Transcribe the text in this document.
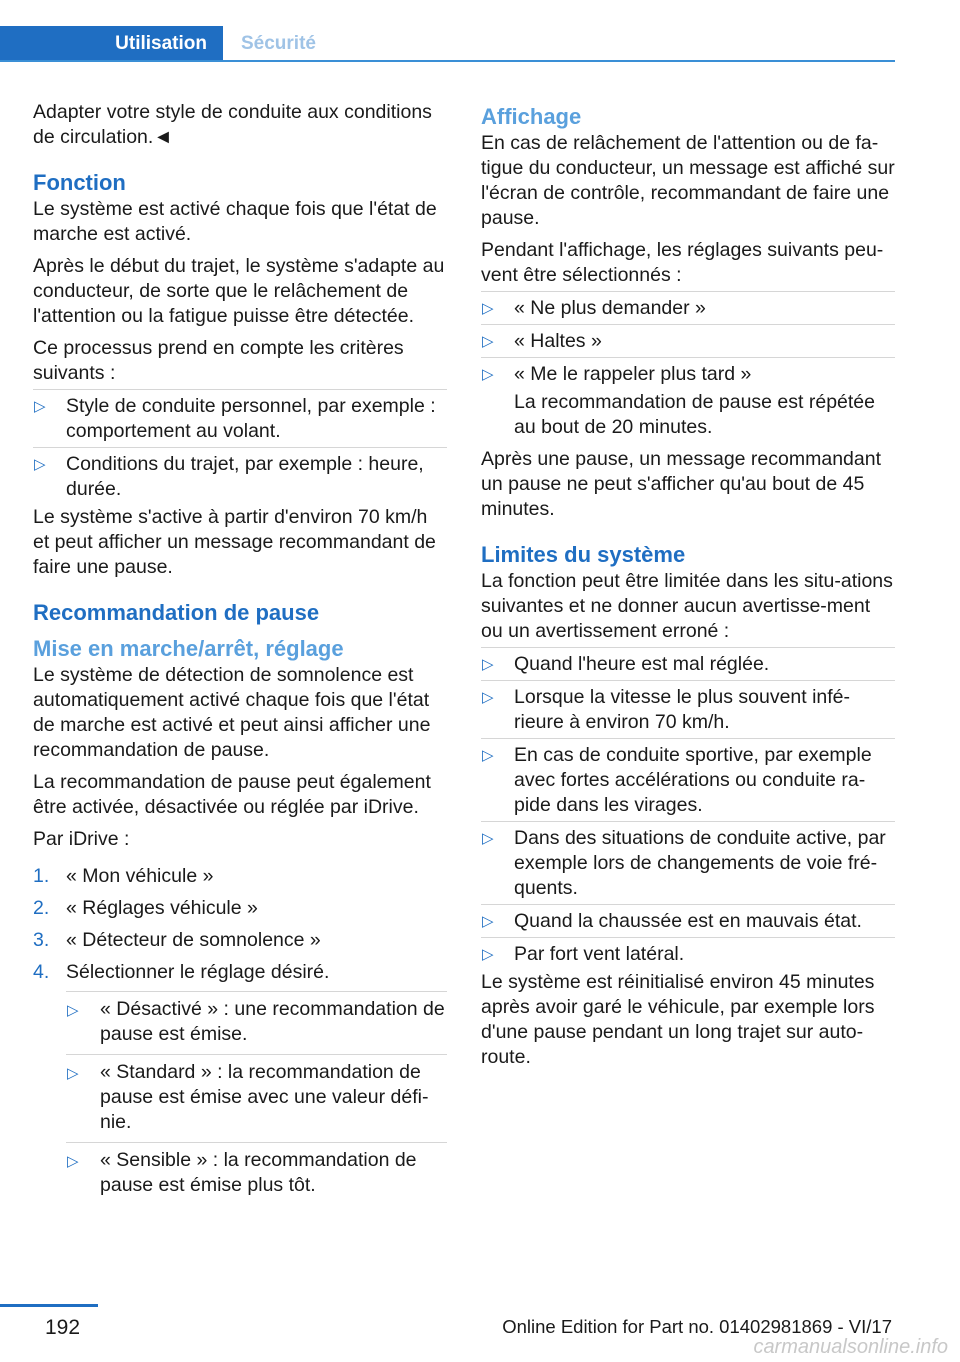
Utilisation	Sécurité

Adapter votre style de conduite aux conditions de circulation.◄

Fonction

Le système est activé chaque fois que l'état de marche est activé.

Après le début du trajet, le système s'adapte au conducteur, de sorte que le relâchement de l'attention ou la fatigue puisse être détectée.

Ce processus prend en compte les critères suivants :

▷ Style de conduite personnel, par exemple : comportement au volant.
▷ Conditions du trajet, par exemple : heure, durée.

Le système s'active à partir d'environ 70 km/h et peut afficher un message recommandant de faire une pause.

Recommandation de pause
Mise en marche/arrêt, réglage

Le système de détection de somnolence est automatiquement activé chaque fois que l'état de marche est activé et peut ainsi afficher une recommandation de pause.

La recommandation de pause peut également être activée, désactivée ou réglée par iDrive.

Par iDrive :

1. « Mon véhicule »
2. « Réglages véhicule »
3. « Détecteur de somnolence »
4. Sélectionner le réglage désiré.
▷ « Désactivé » : une recommandation de pause est émise.
▷ « Standard » : la recommandation de pause est émise avec une valeur défi‐nie.
▷ « Sensible » : la recommandation de pause est émise plus tôt.
Affichage

En cas de relâchement de l'attention ou de fa‐tigue du conducteur, un message est affiché sur l'écran de contrôle, recommandant de faire une pause.

Pendant l'affichage, les réglages suivants peu‐vent être sélectionnés :

▷ « Ne plus demander »
▷ « Haltes »
▷ « Me le rappeler plus tard »

La recommandation de pause est répétée au bout de 20 minutes.

Après une pause, un message recommandant un pause ne peut s'afficher qu'au bout de 45 minutes.

Limites du système

La fonction peut être limitée dans les situ‐ations suivantes et ne donner aucun avertisse‐ment ou un avertissement erroné :

▷ Quand l'heure est mal réglée.
▷ Lorsque la vitesse le plus souvent infé‐rieure à environ 70 km/h.
▷ En cas de conduite sportive, par exemple avec fortes accélérations ou conduite ra‐pide dans les virages.
▷ Dans des situations de conduite active, par exemple lors de changements de voie fré‐quents.
▷ Quand la chaussée est en mauvais état.
▷ Par fort vent latéral.

Le système est réinitialisé environ 45 minutes après avoir garé le véhicule, par exemple lors d'une pause pendant un long trajet sur auto‐route.

192	Online Edition for Part no. 01402981869 - VI/17
carmanualsonline.info
